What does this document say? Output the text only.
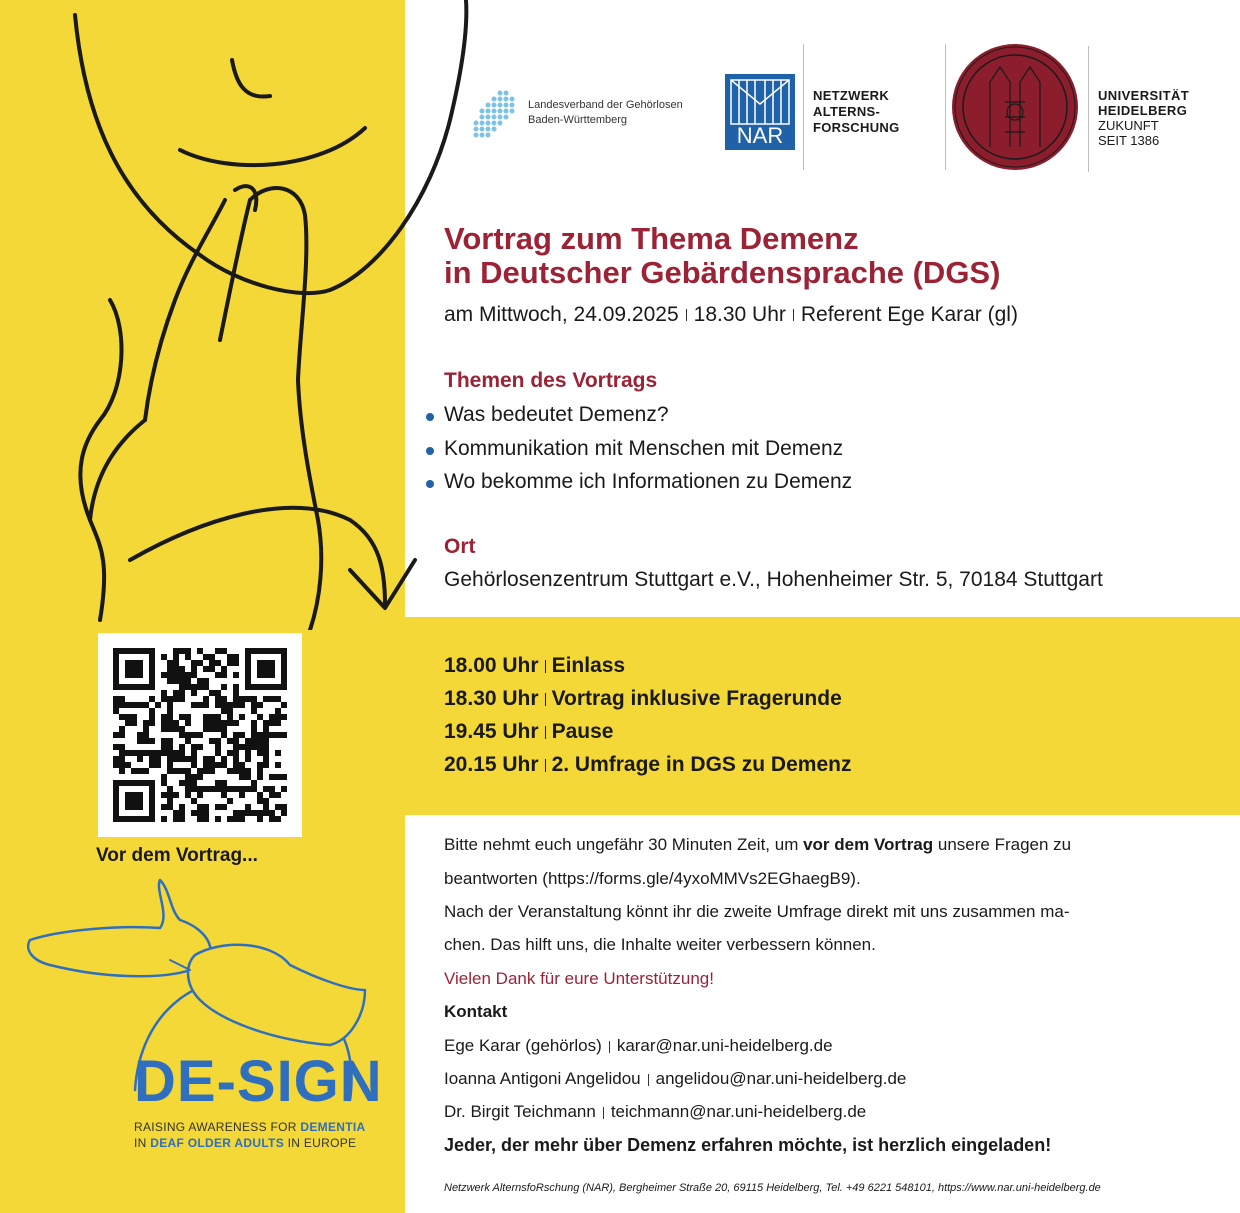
Landesverband der Gehörlosen
Baden-Württemberg
NAR
NETZWERK
ALTERNS-
FORSCHUNG
UNIVERSITÄT
HEIDELBERG
ZUKUNFT
SEIT 1386
Vortrag zum Thema Demenz
in Deutscher Gebärdensprache (DGS)
am Mittwoch, 24.09.2025 18.30 Uhr Referent Ege Karar (gl)
Themen des Vortrags
Was bedeutet Demenz?
Kommunikation mit Menschen mit Demenz
Wo bekomme ich Informationen zu Demenz
Ort
Gehörlosenzentrum Stuttgart e.V., Hohenheimer Str. 5, 70184 Stuttgart
18.00 Uhr Einlass
18.30 Uhr Vortrag inklusive Fragerunde
19.45 Uhr Pause
20.15 Uhr 2. Umfrage in DGS zu Demenz
Vor dem Vortrag...
Bitte nehmt euch ungefähr 30 Minuten Zeit, um vor dem Vortrag unsere Fragen zu
beantworten (https://forms.gle/4yxoMMVs2EGhaegB9).
Nach der Veranstaltung könnt ihr die zweite Umfrage direkt mit uns zusammen ma-
chen. Das hilft uns, die Inhalte weiter verbessern können.
Vielen Dank für eure Unterstützung!
Kontakt
Ege Karar (gehörlos) karar@nar.uni-heidelberg.de
Ioanna Antigoni Angelidou angelidou@nar.uni-heidelberg.de
Dr. Birgit Teichmann teichmann@nar.uni-heidelberg.de
Jeder, der mehr über Demenz erfahren möchte, ist herzlich eingeladen!
Netzwerk AlternsfoRschung (NAR), Bergheimer Straße 20, 69115 Heidelberg, Tel. +49 6221 548101, https://www.nar.uni-heidelberg.de
DE-SIGN
RAISING AWARENESS FOR DEMENTIA
IN DEAF OLDER ADULTS IN EUROPE
